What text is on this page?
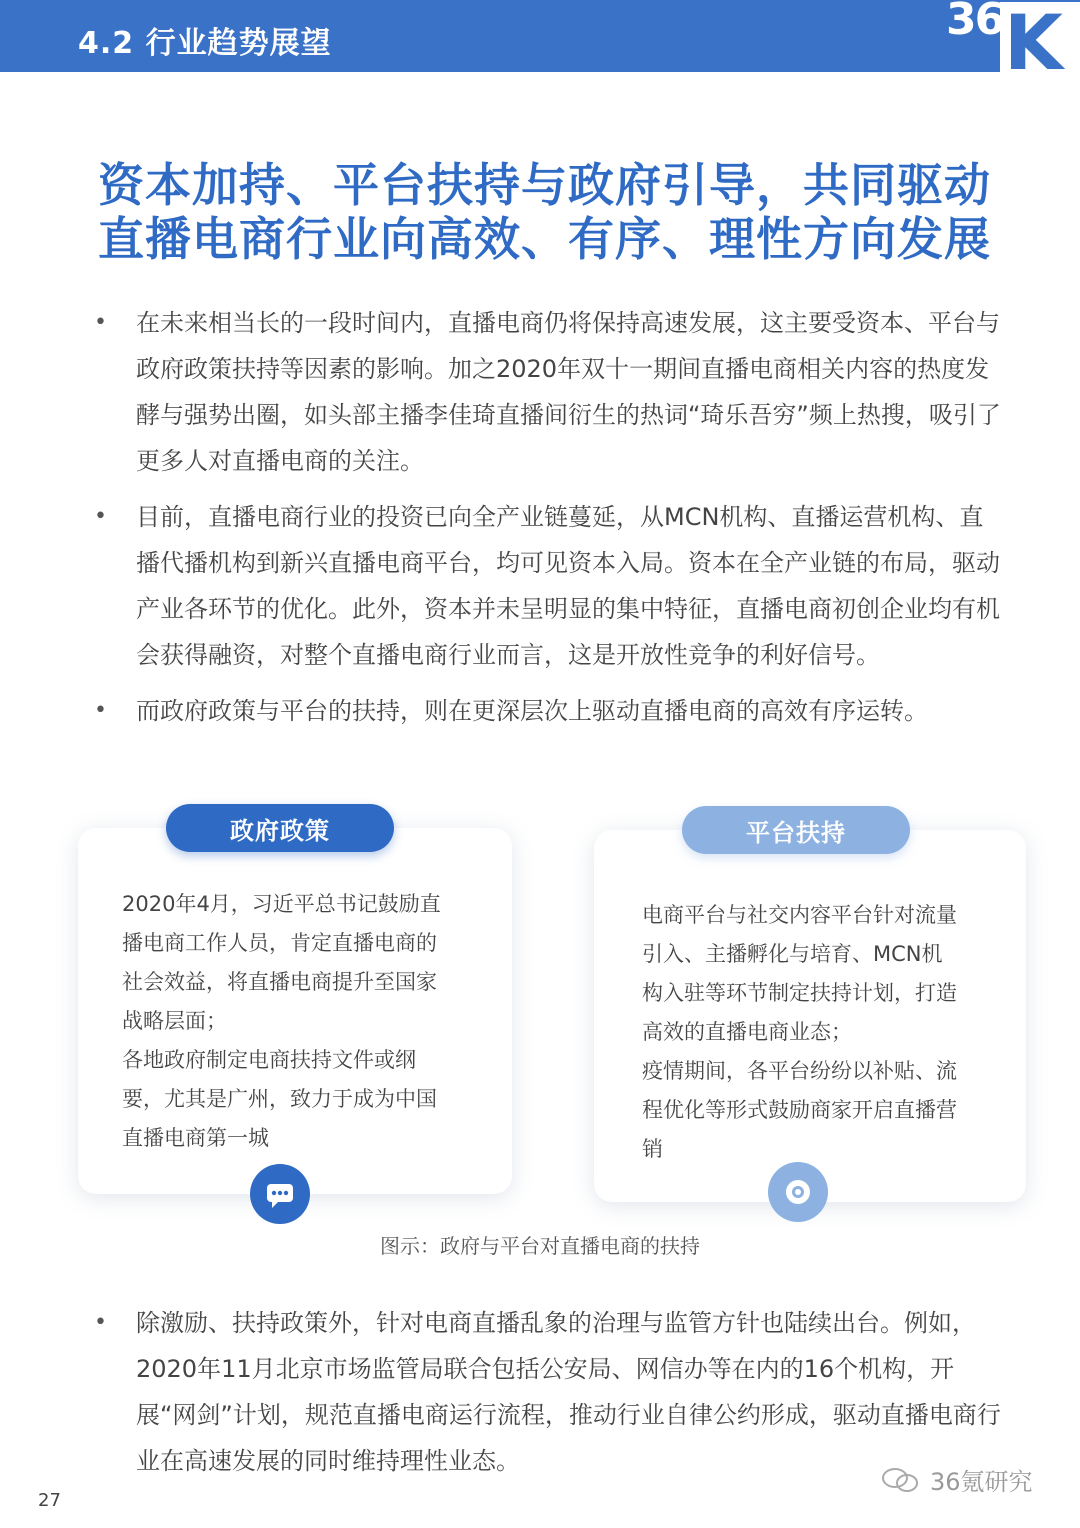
4.2 行业趋势展望	36 K
资本加持、平台扶持与政府引导，共同驱动直播电商行业向高效、有序、理性方向发展
• 在未来相当长的一段时间内，直播电商仍将保持高速发展，这主要受资本、平台与政府政策扶持等因素的影响。加之2020年双十一期间直播电商相关内容的热度发酵与强势出圈，如头部主播李佳琦直播间衍生的热词“琦乐吾穷”频上热搜，吸引了更多人对直播电商的关注。
• 目前，直播电商行业的投资已向全产业链蔓延，从MCN机构、直播运营机构、直播代播机构到新兴直播电商平台，均可见资本入局。资本在全产业链的布局，驱动产业各环节的优化。此外，资本并未呈明显的集中特征，直播电商初创企业均有机会获得融资，对整个直播电商行业而言，这是开放性竞争的利好信号。
• 而政府政策与平台的扶持，则在更深层次上驱动直播电商的高效有序运转。
政府政策	平台扶持
2020年4月，习近平总书记鼓励直播电商工作人员，肯定直播电商的社会效益，将直播电商提升至国家战略层面；
各地政府制定电商扶持文件或纲要，尤其是广州，致力于成为中国直播电商第一城
电商平台与社交内容平台针对流量引入、主播孵化与培育、MCN机构入驻等环节制定扶持计划，打造高效的直播电商业态；
疫情期间，各平台纷纷以补贴、流程优化等形式鼓励商家开启直播营销
图示：政府与平台对直播电商的扶持
• 除激励、扶持政策外，针对电商直播乱象的治理与监管方针也陆续出台。例如，2020年11月北京市场监管局联合包括公安局、网信办等在内的16个机构，开展“网剑”计划，规范直播电商运行流程，推动行业自律公约形成，驱动直播电商行业在高速发展的同时维持理性业态。
27
36氪研究
